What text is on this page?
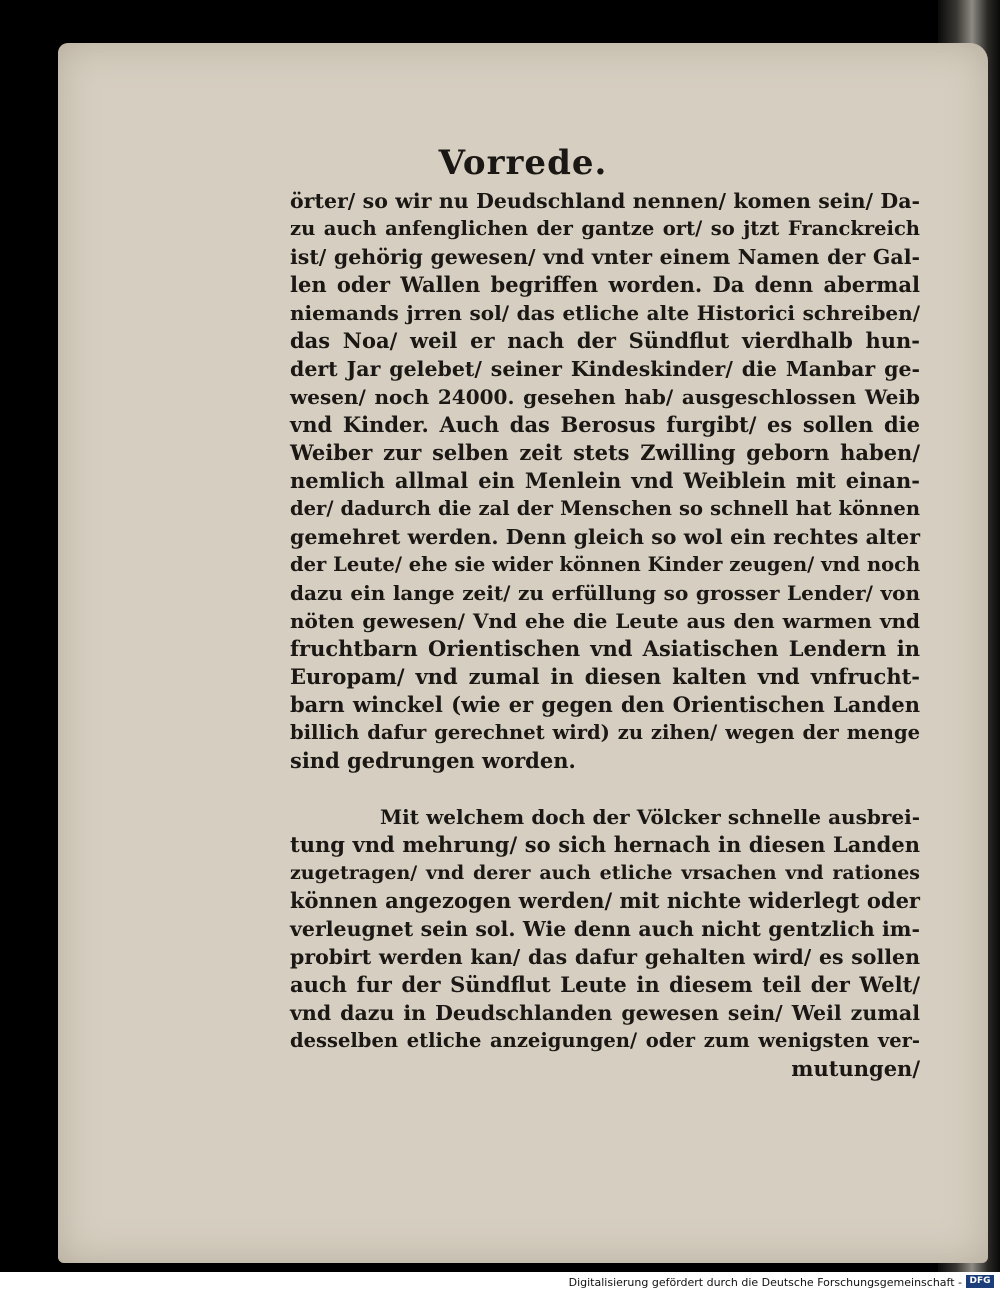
Vorrede.
örter/ so wir nu Deudschland nennen/ komen sein/ Da-
zu auch anfenglichen der gantze ort/ so jtzt Franckreich
ist/ gehörig gewesen/ vnd vnter einem Namen der Gal-
len oder Wallen begriffen worden. Da denn abermal
niemands jrren sol/ das etliche alte Historici schreiben/
das Noa/ weil er nach der Sündflut vierdhalb hun-
dert Jar gelebet/ seiner Kindeskinder/ die Manbar ge-
wesen/ noch 24000. gesehen hab/ ausgeschlossen Weib
vnd Kinder. Auch das Berosus furgibt/ es sollen die
Weiber zur selben zeit stets Zwilling geborn haben/
nemlich allmal ein Menlein vnd Weiblein mit einan-
der/ dadurch die zal der Menschen so schnell hat können
gemehret werden. Denn gleich so wol ein rechtes alter
der Leute/ ehe sie wider können Kinder zeugen/ vnd noch
dazu ein lange zeit/ zu erfüllung so grosser Lender/ von
nöten gewesen/ Vnd ehe die Leute aus den warmen vnd
fruchtbarn Orientischen vnd Asiatischen Lendern in
Europam/ vnd zumal in diesen kalten vnd vnfrucht-
barn winckel (wie er gegen den Orientischen Landen
billich dafur gerechnet wird) zu zihen/ wegen der menge
sind gedrungen worden.
Mit welchem doch der Völcker schnelle ausbrei-
tung vnd mehrung/ so sich hernach in diesen Landen
zugetragen/ vnd derer auch etliche vrsachen vnd rationes
können angezogen werden/ mit nichte widerlegt oder
verleugnet sein sol. Wie denn auch nicht gentzlich im-
probirt werden kan/ das dafur gehalten wird/ es sollen
auch fur der Sündflut Leute in diesem teil der Welt/
vnd dazu in Deudschlanden gewesen sein/ Weil zumal
desselben etliche anzeigungen/ oder zum wenigsten ver-
mutungen/
Digitalisierung gefördert durch die Deutsche Forschungsgemeinschaft - DFG
